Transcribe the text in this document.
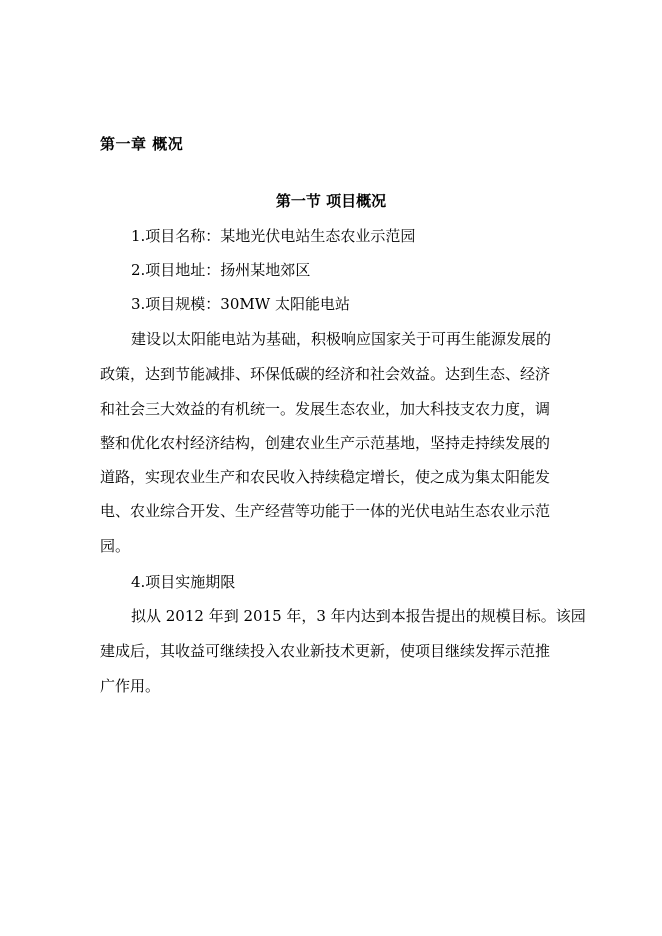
第一章 概况
第一节 项目概况
1.项目名称：某地光伏电站生态农业示范园
2.项目地址：扬州某地郊区
3.项目规模：30MW 太阳能电站
建设以太阳能电站为基础，积极响应国家关于可再生能源发展的
政策，达到节能减排、环保低碳的经济和社会效益。达到生态、经济
和社会三大效益的有机统一。发展生态农业，加大科技支农力度，调
整和优化农村经济结构，创建农业生产示范基地，坚持走持续发展的
道路，实现农业生产和农民收入持续稳定增长，使之成为集太阳能发
电、农业综合开发、生产经营等功能于一体的光伏电站生态农业示范
园。
4.项目实施期限
拟从 2012 年到 2015 年，3 年内达到本报告提出的规模目标。该园
建成后，其收益可继续投入农业新技术更新，使项目继续发挥示范推
广作用。
